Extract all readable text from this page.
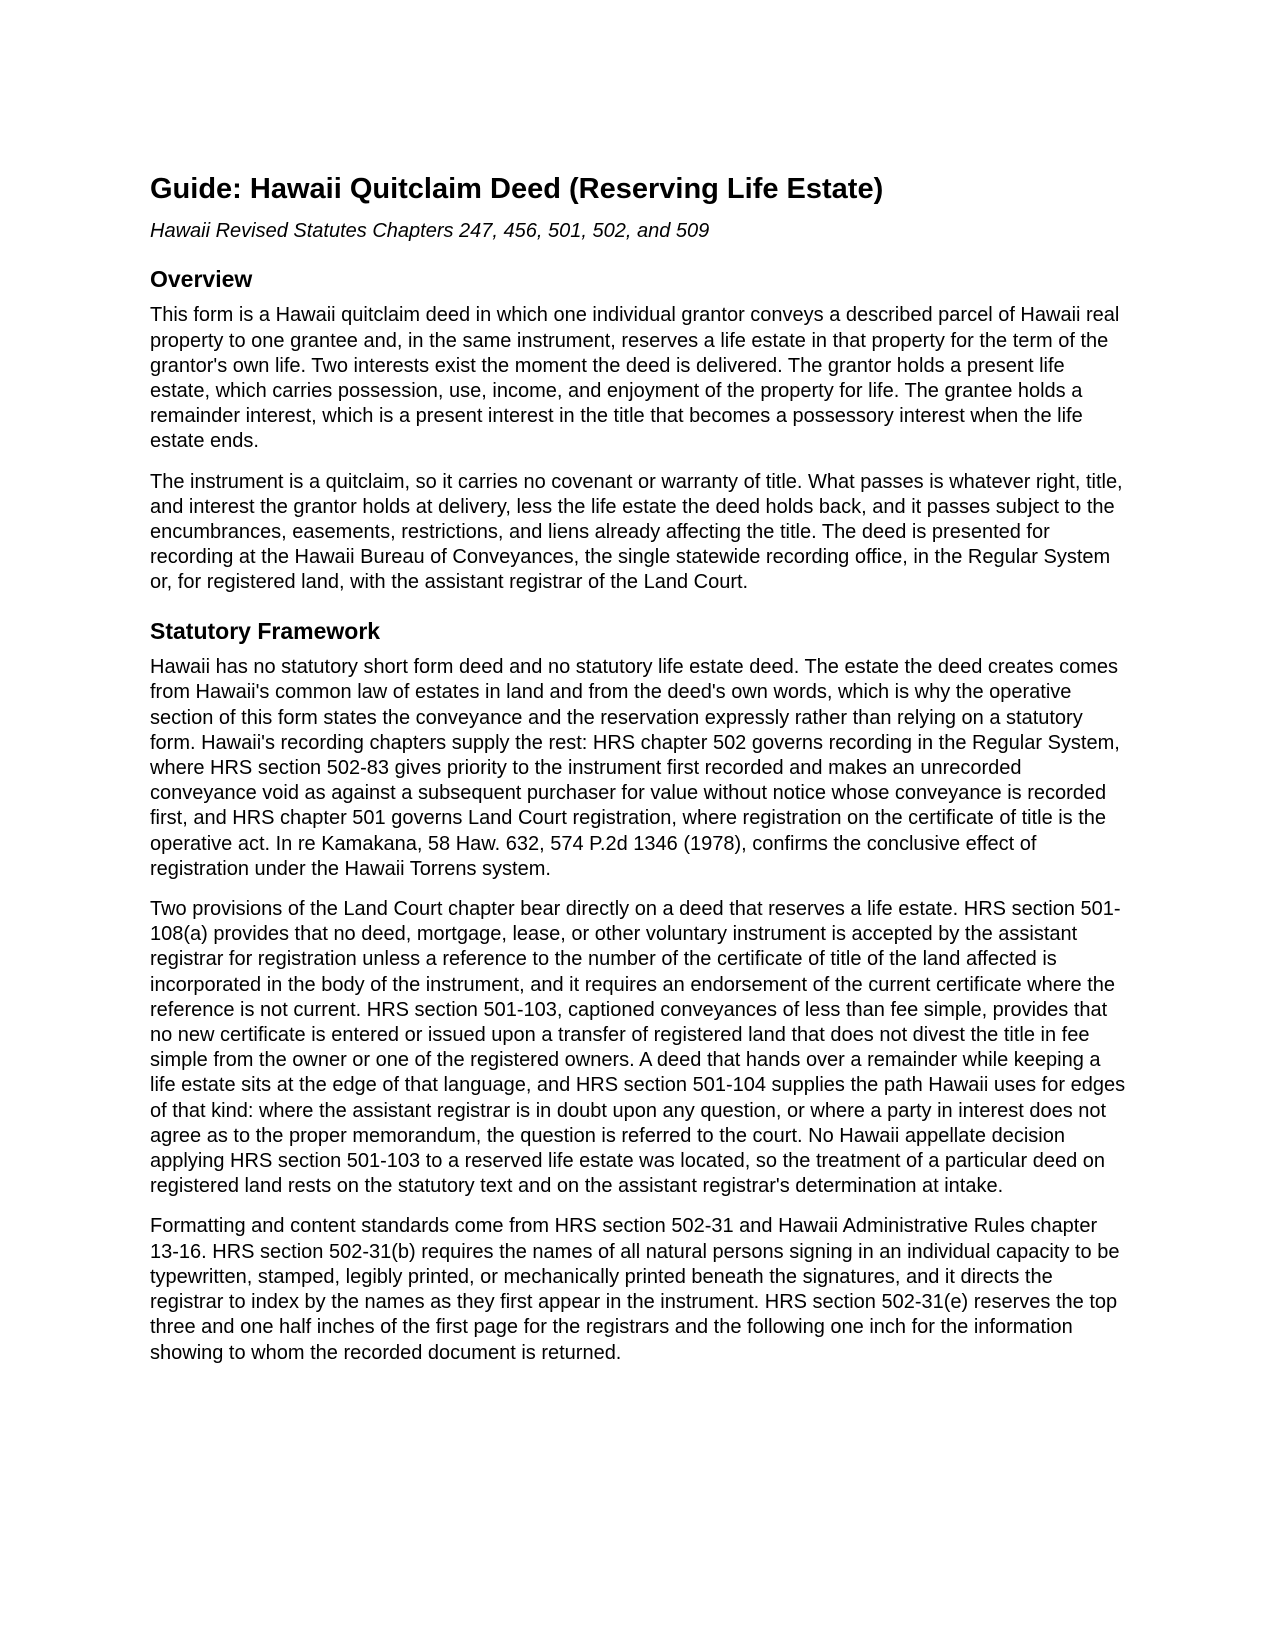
Guide: Hawaii Quitclaim Deed (Reserving Life Estate)
Hawaii Revised Statutes Chapters 247, 456, 501, 502, and 509
Overview

This form is a Hawaii quitclaim deed in which one individual grantor conveys a described parcel of Hawaii real property to one grantee and, in the same instrument, reserves a life estate in that property for the term of the grantor's own life. Two interests exist the moment the deed is delivered. The grantor holds a present life estate, which carries possession, use, income, and enjoyment of the property for life. The grantee holds a remainder interest, which is a present interest in the title that becomes a possessory interest when the life estate ends.

The instrument is a quitclaim, so it carries no covenant or warranty of title. What passes is whatever right, title, and interest the grantor holds at delivery, less the life estate the deed holds back, and it passes subject to the encumbrances, easements, restrictions, and liens already affecting the title. The deed is presented for recording at the Hawaii Bureau of Conveyances, the single statewide recording office, in the Regular System or, for registered land, with the assistant registrar of the Land Court.

Statutory Framework

Hawaii has no statutory short form deed and no statutory life estate deed. The estate the deed creates comes from Hawaii's common law of estates in land and from the deed's own words, which is why the operative section of this form states the conveyance and the reservation expressly rather than relying on a statutory form. Hawaii's recording chapters supply the rest: HRS chapter 502 governs recording in the Regular System, where HRS section 502-83 gives priority to the instrument first recorded and makes an unrecorded conveyance void as against a subsequent purchaser for value without notice whose conveyance is recorded first, and HRS chapter 501 governs Land Court registration, where registration on the certificate of title is the operative act. In re Kamakana, 58 Haw. 632, 574 P.2d 1346 (1978), confirms the conclusive effect of registration under the Hawaii Torrens system.

Two provisions of the Land Court chapter bear directly on a deed that reserves a life estate. HRS section 501-108(a) provides that no deed, mortgage, lease, or other voluntary instrument is accepted by the assistant registrar for registration unless a reference to the number of the certificate of title of the land affected is incorporated in the body of the instrument, and it requires an endorsement of the current certificate where the reference is not current. HRS section 501-103, captioned conveyances of less than fee simple, provides that no new certificate is entered or issued upon a transfer of registered land that does not divest the title in fee simple from the owner or one of the registered owners. A deed that hands over a remainder while keeping a life estate sits at the edge of that language, and HRS section 501-104 supplies the path Hawaii uses for edges of that kind: where the assistant registrar is in doubt upon any question, or where a party in interest does not agree as to the proper memorandum, the question is referred to the court. No Hawaii appellate decision applying HRS section 501-103 to a reserved life estate was located, so the treatment of a particular deed on registered land rests on the statutory text and on the assistant registrar's determination at intake.

Formatting and content standards come from HRS section 502-31 and Hawaii Administrative Rules chapter 13-16. HRS section 502-31(b) requires the names of all natural persons signing in an individual capacity to be typewritten, stamped, legibly printed, or mechanically printed beneath the signatures, and it directs the registrar to index by the names as they first appear in the instrument. HRS section 502-31(e) reserves the top three and one half inches of the first page for the registrars and the following one inch for the information showing to whom the recorded document is returned.
